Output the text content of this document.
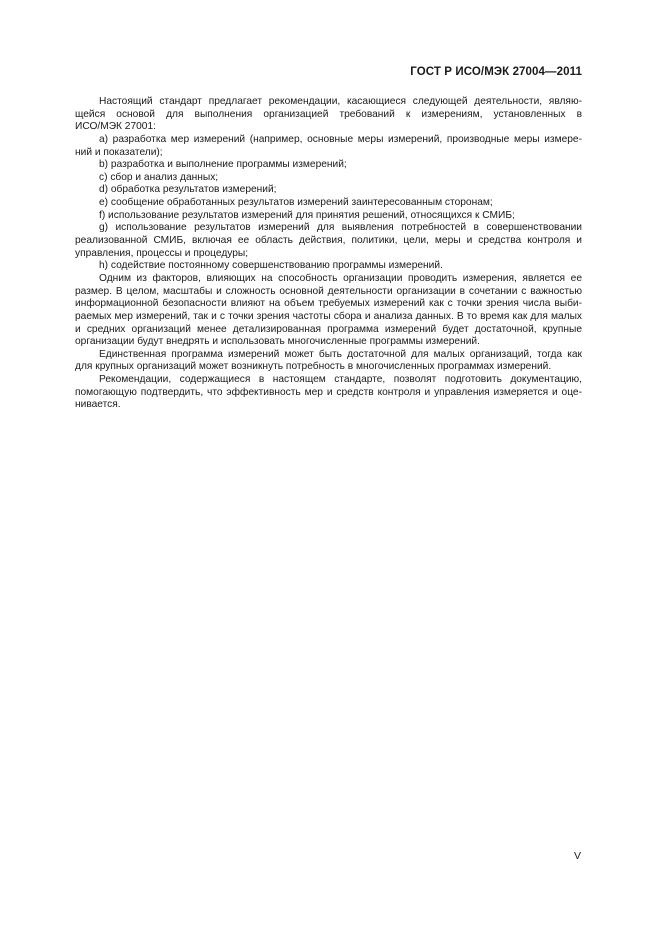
ГОСТ Р ИСО/МЭК 27004—2011
Настоящий стандарт предлагает рекомендации, касающиеся следующей деятельности, являю-
щейся основой для выполнения организацией требований к измерениям, установленных в
ИСО/МЭК 27001:
a) разработка мер измерений (например, основные меры измерений, производные меры измере-
ний и показатели);
b) разработка и выполнение программы измерений;
c) сбор и анализ данных;
d) обработка результатов измерений;
e) сообщение обработанных результатов измерений заинтересованным сторонам;
f) использование результатов измерений для принятия решений, относящихся к СМИБ;
g) использование результатов измерений для выявления потребностей в совершенствовании
реализованной СМИБ, включая ее область действия, политики, цели, меры и средства контроля и
управления, процессы и процедуры;
h) содействие постоянному совершенствованию программы измерений.
Одним из факторов, влияющих на способность организации проводить измерения, является ее
размер. В целом, масштабы и сложность основной деятельности организации в сочетании с важностью
информационной безопасности влияют на объем требуемых измерений как с точки зрения числа выби-
раемых мер измерений, так и с точки зрения частоты сбора и анализа данных. В то время как для малых
и средних организаций менее детализированная программа измерений будет достаточной, крупные
организации будут внедрять и использовать многочисленные программы измерений.
Единственная программа измерений может быть достаточной для малых организаций, тогда как
для крупных организаций может возникнуть потребность в многочисленных программах измерений.
Рекомендации, содержащиеся в настоящем стандарте, позволят подготовить документацию,
помогающую подтвердить, что эффективность мер и средств контроля и управления измеряется и оце-
нивается.
V
